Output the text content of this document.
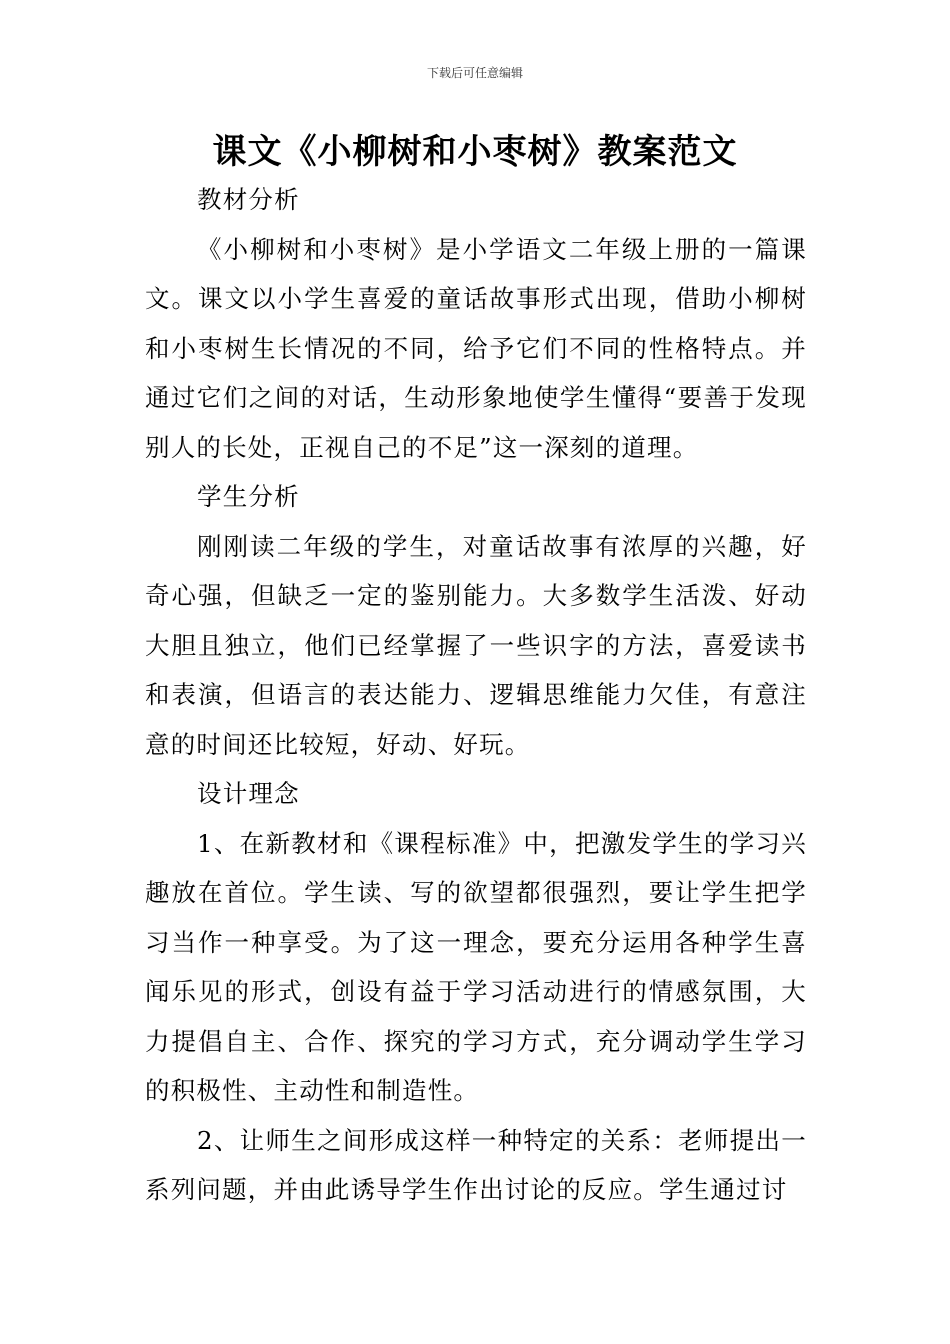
下载后可任意编辑
课文《小柳树和小枣树》教案范文

教材分析

《小柳树和小枣树》是小学语文二年级上册的一篇课文。课文以小学生喜爱的童话故事形式出现，借助小柳树和小枣树生长情况的不同，给予它们不同的性格特点。并通过它们之间的对话，生动形象地使学生懂得“要善于发现别人的长处，正视自己的不足”这一深刻的道理。

学生分析

刚刚读二年级的学生，对童话故事有浓厚的兴趣，好奇心强，但缺乏一定的鉴别能力。大多数学生活泼、好动大胆且独立，他们已经掌握了一些识字的方法，喜爱读书和表演，但语言的表达能力、逻辑思维能力欠佳，有意注意的时间还比较短，好动、好玩。

设计理念

1、在新教材和《课程标准》中，把激发学生的学习兴趣放在首位。学生读、写的欲望都很强烈，要让学生把学习当作一种享受。为了这一理念，要充分运用各种学生喜闻乐见的形式，创设有益于学习活动进行的情感氛围，大力提倡自主、合作、探究的学习方式，充分调动学生学习的积极性、主动性和制造性。

2、让师生之间形成这样一种特定的关系：老师提出一系列问题，并由此诱导学生作出讨论的反应。学生通过讨
